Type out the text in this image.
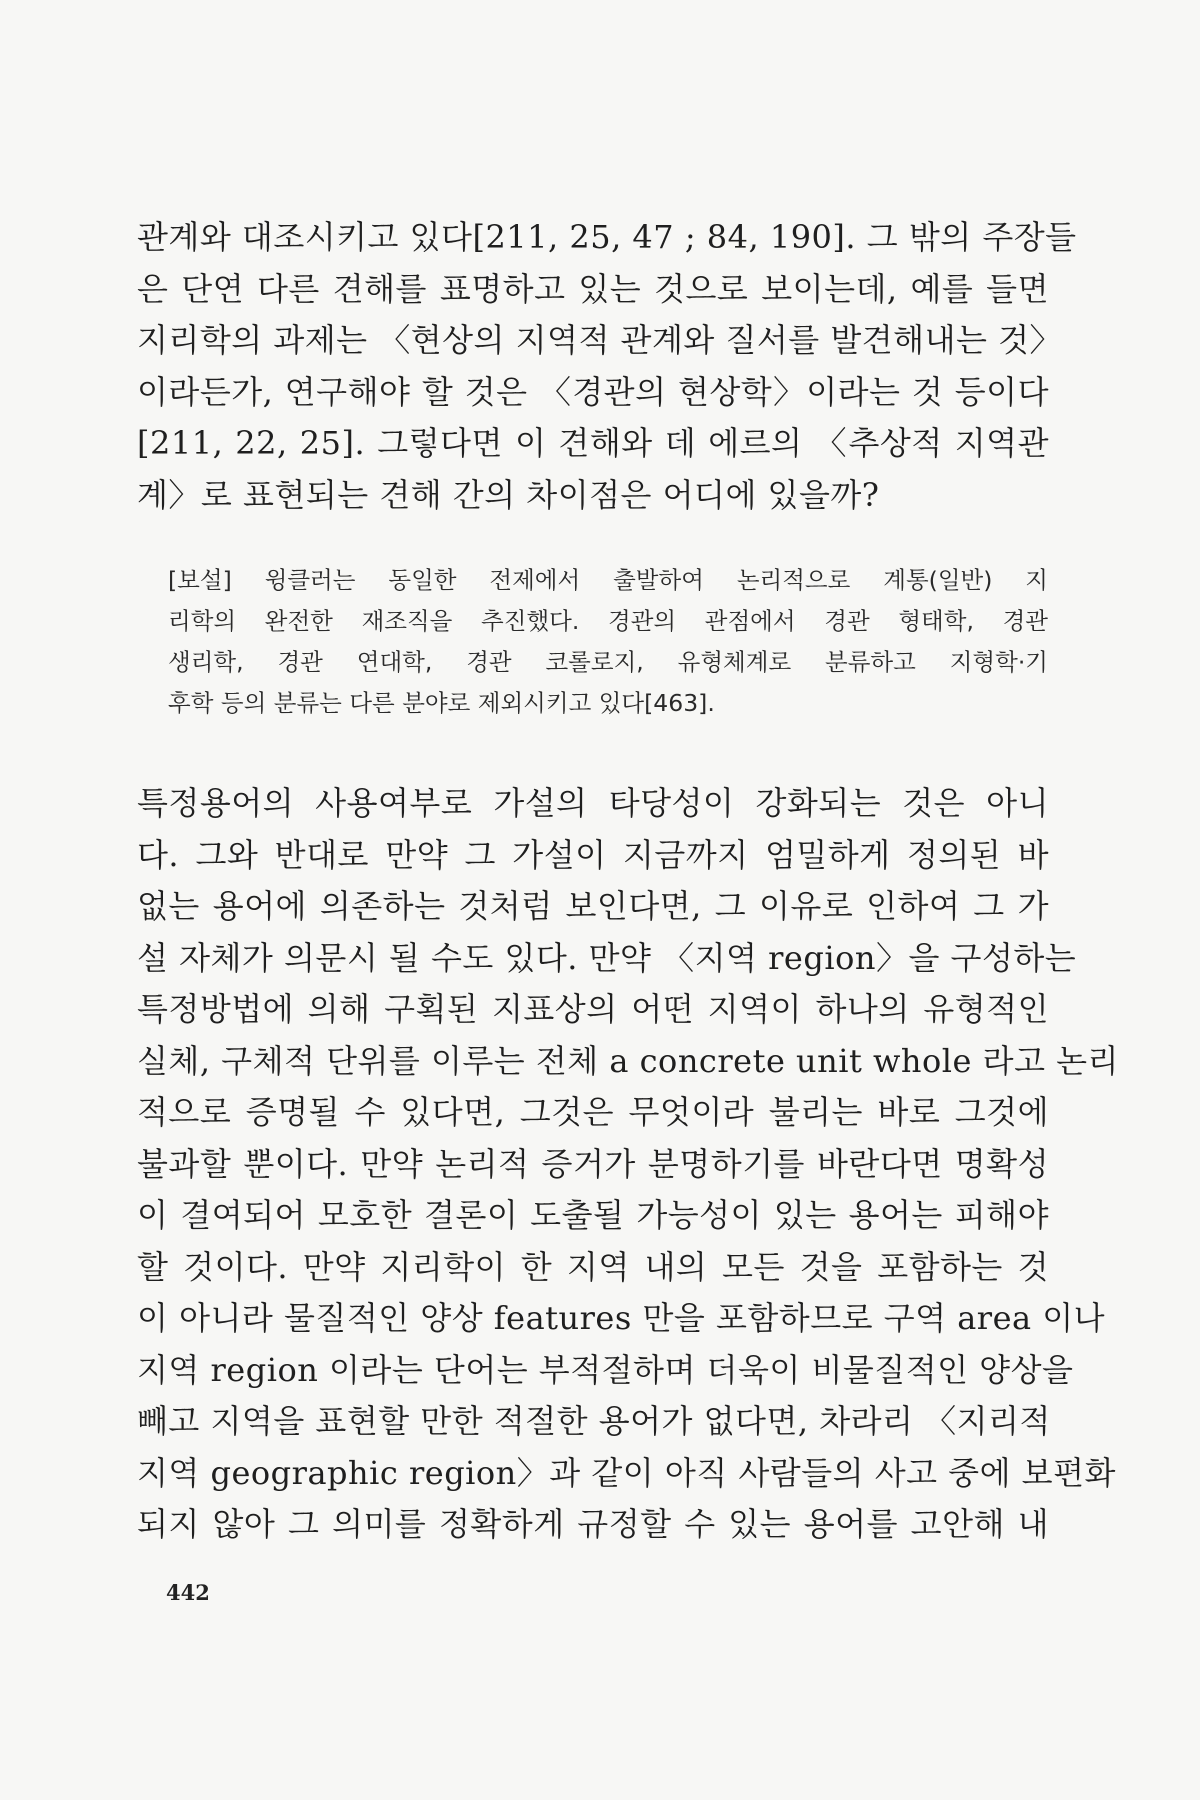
관계와 대조시키고 있다[211, 25, 47 ; 84, 190]. 그 밖의 주장들
은 단연 다른 견해를 표명하고 있는 것으로 보이는데, 예를 들면
지리학의 과제는 〈현상의 지역적 관계와 질서를 발견해내는 것〉
이라든가, 연구해야 할 것은 〈경관의 현상학〉이라는 것 등이다
[211, 22, 25]. 그렇다면 이 견해와 데 에르의 〈추상적 지역관
계〉로 표현되는 견해 간의 차이점은 어디에 있을까?

[보설] 윙클러는 동일한 전제에서 출발하여 논리적으로 계통(일반) 지
리학의 완전한 재조직을 추진했다. 경관의 관점에서 경관 형태학, 경관
생리학, 경관 연대학, 경관 코롤로지, 유형체계로 분류하고 지형학·기
후학 등의 분류는 다른 분야로 제외시키고 있다[463].

특정용어의 사용여부로 가설의 타당성이 강화되는 것은 아니
다. 그와 반대로 만약 그 가설이 지금까지 엄밀하게 정의된 바
없는 용어에 의존하는 것처럼 보인다면, 그 이유로 인하여 그 가
설 자체가 의문시 될 수도 있다. 만약 〈지역 region〉을 구성하는
특정방법에 의해 구획된 지표상의 어떤 지역이 하나의 유형적인
실체, 구체적 단위를 이루는 전체 a concrete unit whole 라고 논리
적으로 증명될 수 있다면, 그것은 무엇이라 불리는 바로 그것에
불과할 뿐이다. 만약 논리적 증거가 분명하기를 바란다면 명확성
이 결여되어 모호한 결론이 도출될 가능성이 있는 용어는 피해야
할 것이다. 만약 지리학이 한 지역 내의 모든 것을 포함하는 것
이 아니라 물질적인 양상 features 만을 포함하므로 구역 area 이나
지역 region 이라는 단어는 부적절하며 더욱이 비물질적인 양상을
빼고 지역을 표현할 만한 적절한 용어가 없다면, 차라리 〈지리적
지역 geographic region〉과 같이 아직 사람들의 사고 중에 보편화
되지 않아 그 의미를 정확하게 규정할 수 있는 용어를 고안해 내

442
